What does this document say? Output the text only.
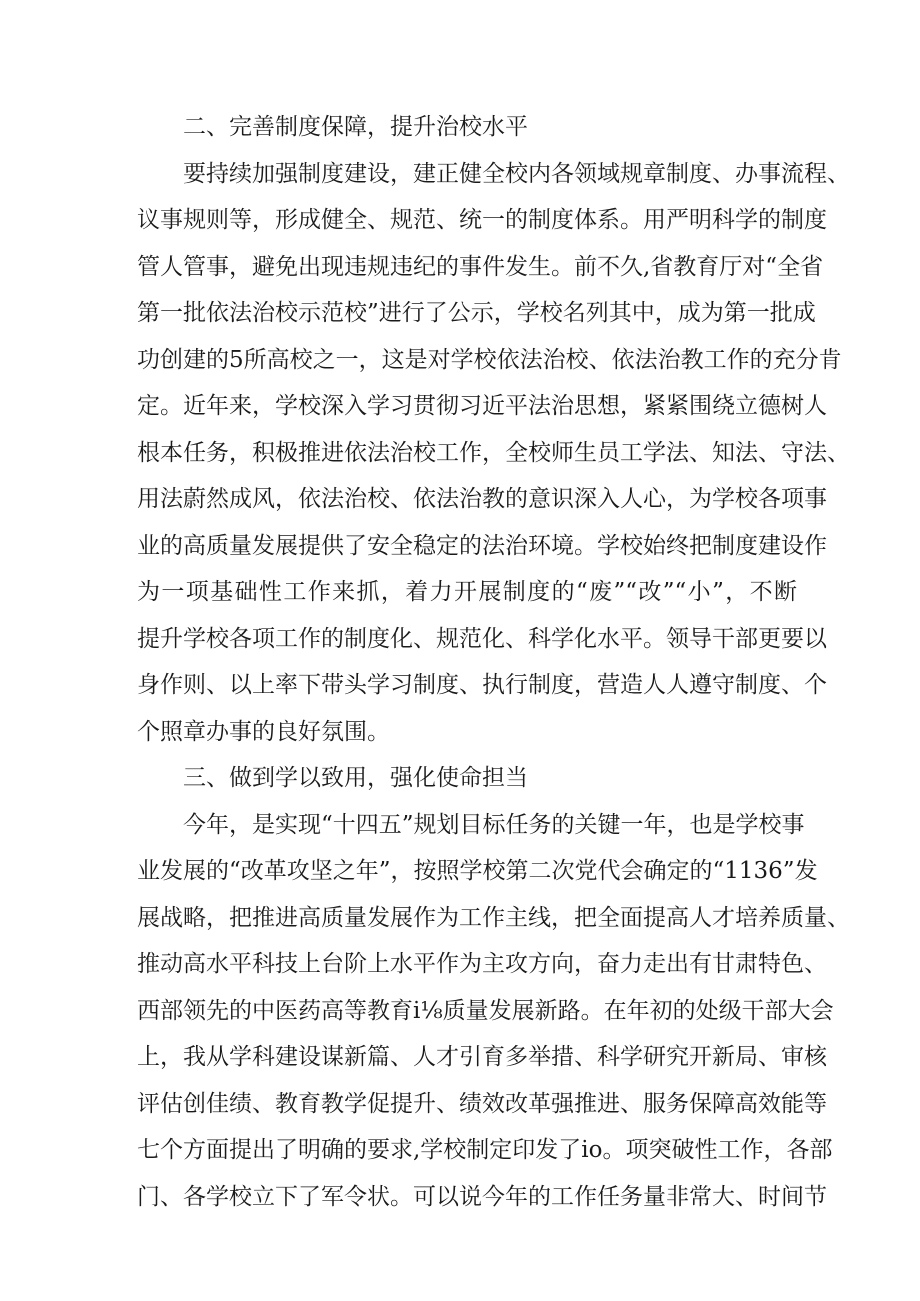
二、完善制度保障，提升治校水平
要持续加强制度建设，建正健全校内各领域规章制度、办事流程、
议事规则等，形成健全、规范、统一的制度体系。用严明科学的制度
管人管事，避免出现违规违纪的事件发生。前不久,省教育厅对“全省
第一批依法治校示范校”进行了公示，学校名列其中，成为第一批成
功创建的5所高校之一，这是对学校依法治校、依法治教工作的充分肯
定。近年来，学校深入学习贯彻习近平法治思想，紧紧围绕立德树人
根本任务，积极推进依法治校工作，全校师生员工学法、知法、守法、
用法蔚然成风，依法治校、依法治教的意识深入人心，为学校各项事
业的高质量发展提供了安全稳定的法治环境。学校始终把制度建设作
为一项基础性工作来抓，着力开展制度的“废”“改”“小”，不断
提升学校各项工作的制度化、规范化、科学化水平。领导干部更要以
身作则、以上率下带头学习制度、执行制度，营造人人遵守制度、个
个照章办事的良好氛围。
三、做到学以致用，强化使命担当
今年，是实现“十四五”规划目标任务的关键一年，也是学校事
业发展的“改革攻坚之年”，按照学校第二次党代会确定的“1136”发
展战略，把推进高质量发展作为工作主线，把全面提高人才培养质量、
推动高水平科技上台阶上水平作为主攻方向，奋力走出有甘肃特色、
西部领先的中医药高等教育i⅛质量发展新路。在年初的处级干部大会
上，我从学科建设谋新篇、人才引育多举措、科学研究开新局、审核
评估创佳绩、教育教学促提升、绩效改革强推进、服务保障高效能等
七个方面提出了明确的要求,学校制定印发了io。项突破性工作，各部
门、各学校立下了军令状。可以说今年的工作任务量非常大、时间节
